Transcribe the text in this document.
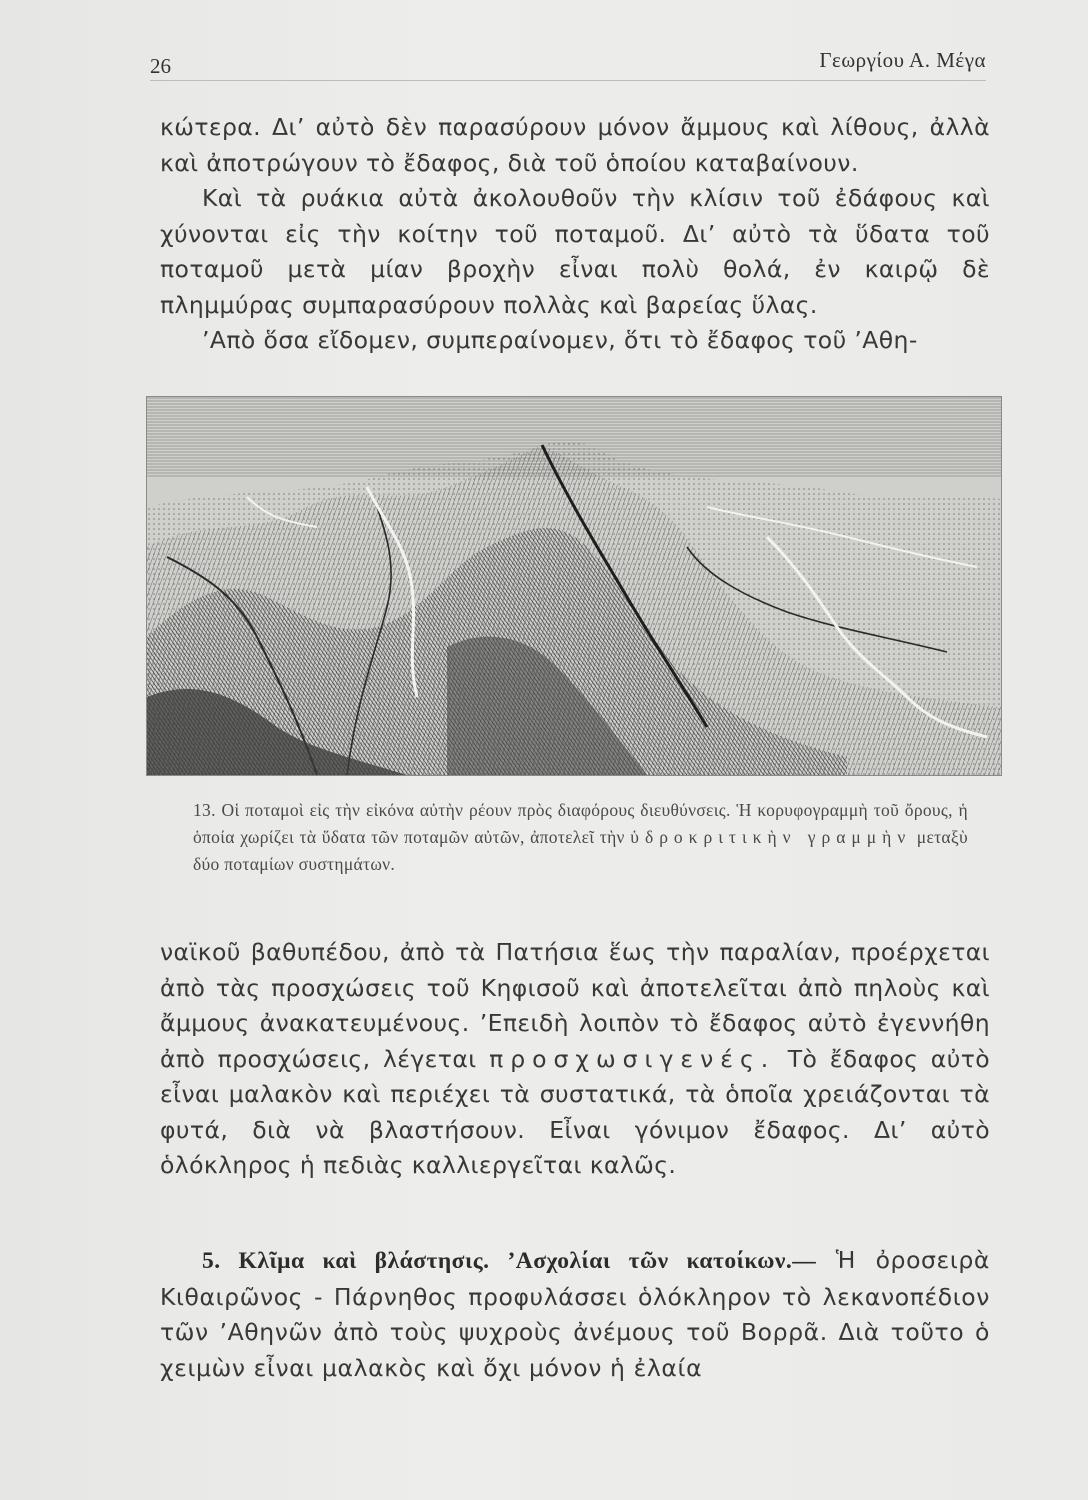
26	Γεωργίου Α. Μέγα

κώτερα. Δι’ αὐτὸ δὲν παρασύρουν μόνον ἄμμους καὶ λίθους, ἀλλὰ καὶ ἀποτρώγουν τὸ ἔδαφος, διὰ τοῦ ὁποίου καταβαίνουν.

Καὶ τὰ ρυάκια αὐτὰ ἀκολουθοῦν τὴν κλίσιν τοῦ ἐδάφους καὶ χύνονται εἰς τὴν κοίτην τοῦ ποταμοῦ. Δι’ αὐτὸ τὰ ὕδατα τοῦ ποταμοῦ μετὰ μίαν βροχὴν εἶναι πολὺ θολά, ἐν καιρῷ δὲ πλημμύρας συμπαρασύρουν πολλὰς καὶ βαρείας ὕλας.

’Απὸ ὅσα εἴδομεν, συμπεραίνομεν, ὅτι τὸ ἔδαφος τοῦ ’Αθη-

13. Οἱ ποταμοὶ εἰς τὴν εἰκόνα αὐτὴν ρέουν πρὸς διαφόρους διευθύνσεις. Ἡ κορυφογραμμὴ τοῦ ὄρους, ἡ ὁποία χωρίζει τὰ ὕδατα τῶν ποταμῶν αὐτῶν, ἀποτελεῖ τὴν ὑδροκριτικὴν γραμμὴν μεταξὺ δύο ποταμίων συστημάτων.

ναϊκοῦ βαθυπέδου, ἀπὸ τὰ Πατήσια ἕως τὴν παραλίαν, προέρχεται ἀπὸ τὰς προσχώσεις τοῦ Κηφισοῦ καὶ ἀποτελεῖται ἀπὸ πηλοὺς καὶ ἄμμους ἀνακατευμένους. ’Επειδὴ λοιπὸν τὸ ἔδαφος αὐτὸ ἐγεννήθη ἀπὸ προσχώσεις, λέγεται προσχωσιγενές. Τὸ ἔδαφος αὐτὸ εἶναι μαλακὸν καὶ περιέχει τὰ συστατικά, τὰ ὁποῖα χρειάζονται τὰ φυτά, διὰ νὰ βλαστήσουν. Εἶναι γόνιμον ἔδαφος. Δι’ αὐτὸ ὁλόκληρος ἡ πεδιὰς καλλιεργεῖται καλῶς.

5. Κλῖμα καὶ βλάστησις. ’Ασχολίαι τῶν κατοίκων.— Ἡ ὀροσειρὰ Κιθαιρῶνος - Πάρνηθος προφυλάσσει ὁλόκληρον τὸ λεκανοπέδιον τῶν ’Αθηνῶν ἀπὸ τοὺς ψυχροὺς ἀνέμους τοῦ Βορρᾶ. Διὰ τοῦτο ὁ χειμὼν εἶναι μαλακὸς καὶ ὄχι μόνον ἡ ἐλαία
